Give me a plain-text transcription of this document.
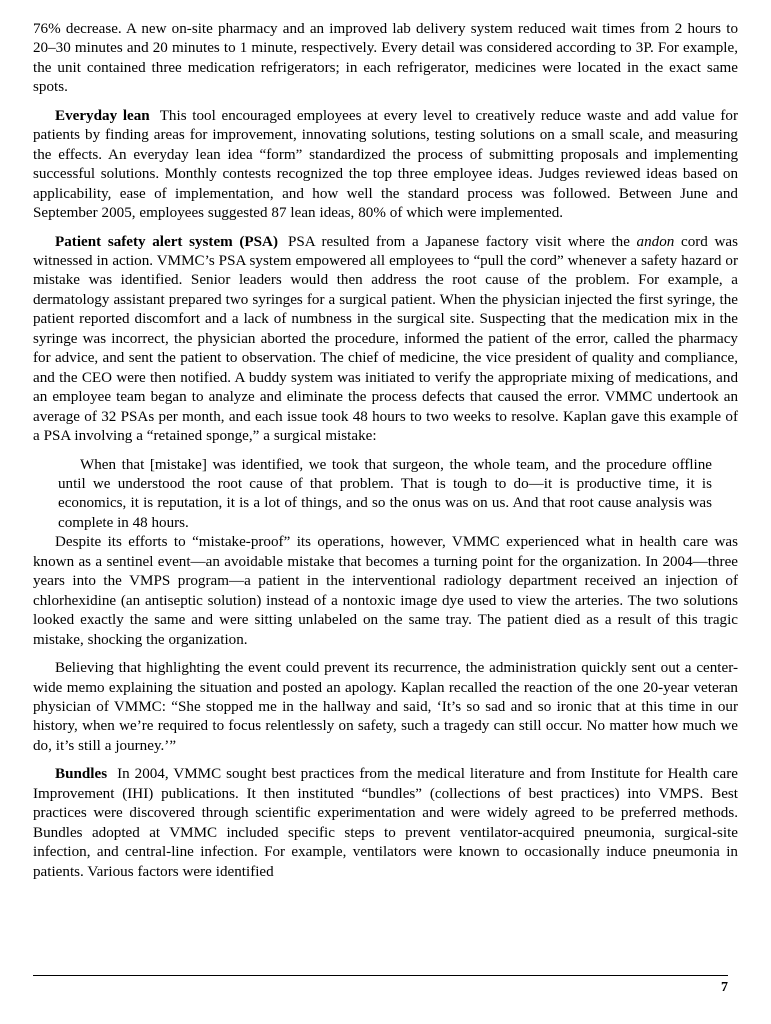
76% decrease. A new on-site pharmacy and an improved lab delivery system reduced wait times from 2 hours to 20–30 minutes and 20 minutes to 1 minute, respectively. Every detail was considered according to 3P. For example, the unit contained three medication refrigerators; in each refrigerator, medicines were located in the exact same spots.

Everyday lean This tool encouraged employees at every level to creatively reduce waste and add value for patients by finding areas for improvement, innovating solutions, testing solutions on a small scale, and measuring the effects. An everyday lean idea “form” standardized the process of submitting proposals and implementing successful solutions. Monthly contests recognized the top three employee ideas. Judges reviewed ideas based on applicability, ease of implementation, and how well the standard process was followed. Between June and September 2005, employees suggested 87 lean ideas, 80% of which were implemented.

Patient safety alert system (PSA) PSA resulted from a Japanese factory visit where the andon cord was witnessed in action. VMMC’s PSA system empowered all employees to “pull the cord” whenever a safety hazard or mistake was identified. Senior leaders would then address the root cause of the problem. For example, a dermatology assistant prepared two syringes for a surgical patient. When the physician injected the first syringe, the patient reported discomfort and a lack of numbness in the surgical site. Suspecting that the medication mix in the syringe was incorrect, the physician aborted the procedure, informed the patient of the error, called the pharmacy for advice, and sent the patient to observation. The chief of medicine, the vice president of quality and compliance, and the CEO were then notified. A buddy system was initiated to verify the appropriate mixing of medications, and an employee team began to analyze and eliminate the process defects that caused the error. VMMC undertook an average of 32 PSAs per month, and each issue took 48 hours to two weeks to resolve. Kaplan gave this example of a PSA involving a “retained sponge,” a surgical mistake:

When that [mistake] was identified, we took that surgeon, the whole team, and the procedure offline until we understood the root cause of that problem. That is tough to do—it is productive time, it is economics, it is reputation, it is a lot of things, and so the onus was on us. And that root cause analysis was complete in 48 hours.

Despite its efforts to “mistake-proof” its operations, however, VMMC experienced what in health care was known as a sentinel event—an avoidable mistake that becomes a turning point for the organization. In 2004—three years into the VMPS program—a patient in the interventional radiology department received an injection of chlorhexidine (an antiseptic solution) instead of a nontoxic image dye used to view the arteries. The two solutions looked exactly the same and were sitting unlabeled on the same tray. The patient died as a result of this tragic mistake, shocking the organization.

Believing that highlighting the event could prevent its recurrence, the administration quickly sent out a center-wide memo explaining the situation and posted an apology. Kaplan recalled the reaction of the one 20-year veteran physician of VMMC: “She stopped me in the hallway and said, ‘It’s so sad and so ironic that at this time in our history, when we’re required to focus relentlessly on safety, such a tragedy can still occur. No matter how much we do, it’s still a journey.’”

Bundles In 2004, VMMC sought best practices from the medical literature and from Institute for Health care Improvement (IHI) publications. It then instituted “bundles” (collections of best practices) into VMPS. Best practices were discovered through scientific experimentation and were widely agreed to be preferred methods. Bundles adopted at VMMC included specific steps to prevent ventilator-acquired pneumonia, surgical-site infection, and central-line infection. For example, ventilators were known to occasionally induce pneumonia in patients. Various factors were identified

7
